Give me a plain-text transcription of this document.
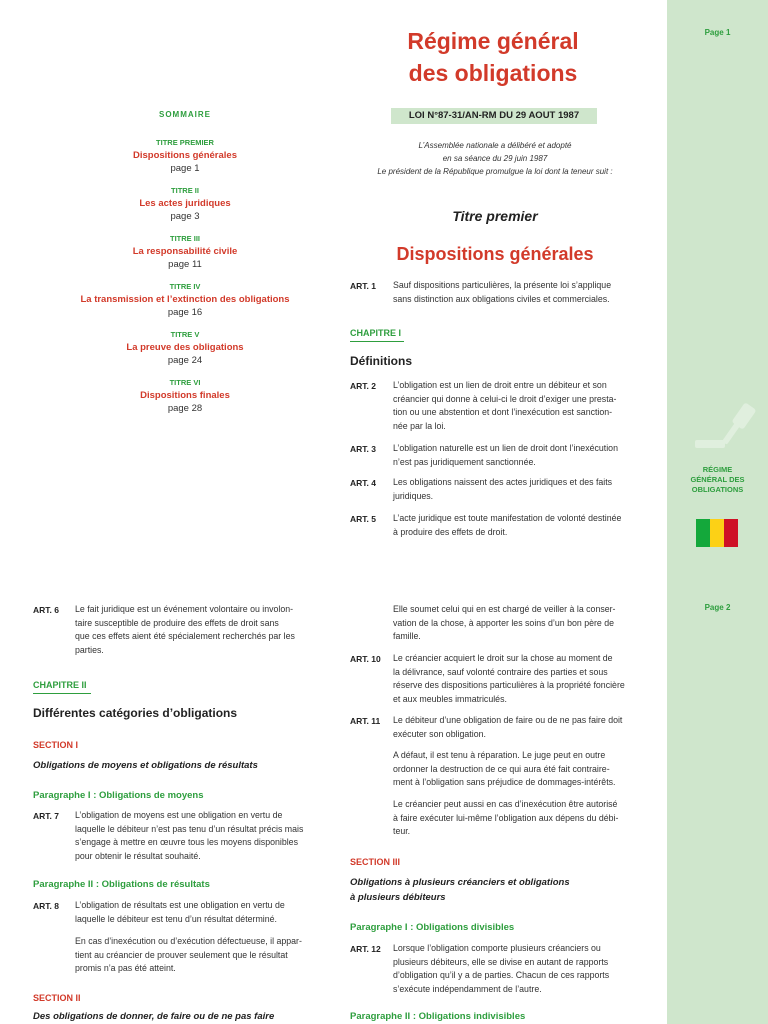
Page 1
RÉGIME
GÉNÉRAL DES
OBLIGATIONS
Page 2
Régime général
des obligations
LOI N°87-31/AN-RM DU 29 AOUT 1987
L’Assemblée nationale a délibéré et adopté
en sa séance du 29 juin 1987
Le président de la République promulgue la loi dont la teneur suit :
Titre premier
Dispositions générales
SOMMAIRE
TITRE PREMIER
Dispositions générales
page 1
TITRE II
Les actes juridiques
page 3
TITRE III
La responsabilité civile
page 11
TITRE IV
La transmission et l’extinction des obligations
page 16
TITRE V
La preuve des obligations
page 24
TITRE VI
Dispositions finales
page 28
ART. 1 Sauf dispositions particulières, la présente loi s’applique
sans distinction aux obligations civiles et commerciales.
CHAPITRE I
Définitions
ART. 2 L’obligation est un lien de droit entre un débiteur et son
créancier qui donne à celui-ci le droit d’exiger une presta-
tion ou une abstention et dont l’inexécution est sanction-
née par la loi.
ART. 3 L’obligation naturelle est un lien de droit dont l’inexécution
n’est pas juridiquement sanctionnée.
ART. 4 Les obligations naissent des actes juridiques et des faits
juridiques.
ART. 5 L’acte juridique est toute manifestation de volonté destinée
à produire des effets de droit.
ART. 6 Le fait juridique est un événement volontaire ou involon-
taire susceptible de produire des effets de droit sans
que ces effets aient été spécialement recherchés par les
parties.
CHAPITRE II
Différentes catégories d’obligations
SECTION I
Obligations de moyens et obligations de résultats
Paragraphe I : Obligations de moyens
ART. 7 L’obligation de moyens est une obligation en vertu de
laquelle le débiteur n’est pas tenu d’un résultat précis mais
s’engage à mettre en œuvre tous les moyens disponibles
pour obtenir le résultat souhaité.
Paragraphe II : Obligations de résultats
ART. 8 L’obligation de résultats est une obligation en vertu de
laquelle le débiteur est tenu d’un résultat déterminé.
En cas d’inexécution ou d’exécution défectueuse, il appar-
tient au créancier de prouver seulement que le résultat
promis n’a pas été atteint.
SECTION II
Des obligations de donner, de faire ou de ne pas faire
Elle soumet celui qui en est chargé de veiller à la conser-
vation de la chose, à apporter les soins d’un bon père de
famille.
ART. 10 Le créancier acquiert le droit sur la chose au moment de
la délivrance, sauf volonté contraire des parties et sous
réserve des dispositions particulières à la propriété foncière
et aux meubles immatriculés.
ART. 11 Le débiteur d’une obligation de faire ou de ne pas faire doit
exécuter son obligation.
A défaut, il est tenu à réparation. Le juge peut en outre
ordonner la destruction de ce qui aura été fait contraire-
ment à l’obligation sans préjudice de dommages-intérêts.
Le créancier peut aussi en cas d’inexécution être autorisé
à faire exécuter lui-même l’obligation aux dépens du débi-
teur.
SECTION III
Obligations à plusieurs créanciers et obligations
à plusieurs débiteurs
Paragraphe I : Obligations divisibles
ART. 12 Lorsque l’obligation comporte plusieurs créanciers ou
plusieurs débiteurs, elle se divise en autant de rapports
d’obligation qu’il y a de parties. Chacun de ces rapports
s’exécute indépendamment de l’autre.
Paragraphe II : Obligations indivisibles
